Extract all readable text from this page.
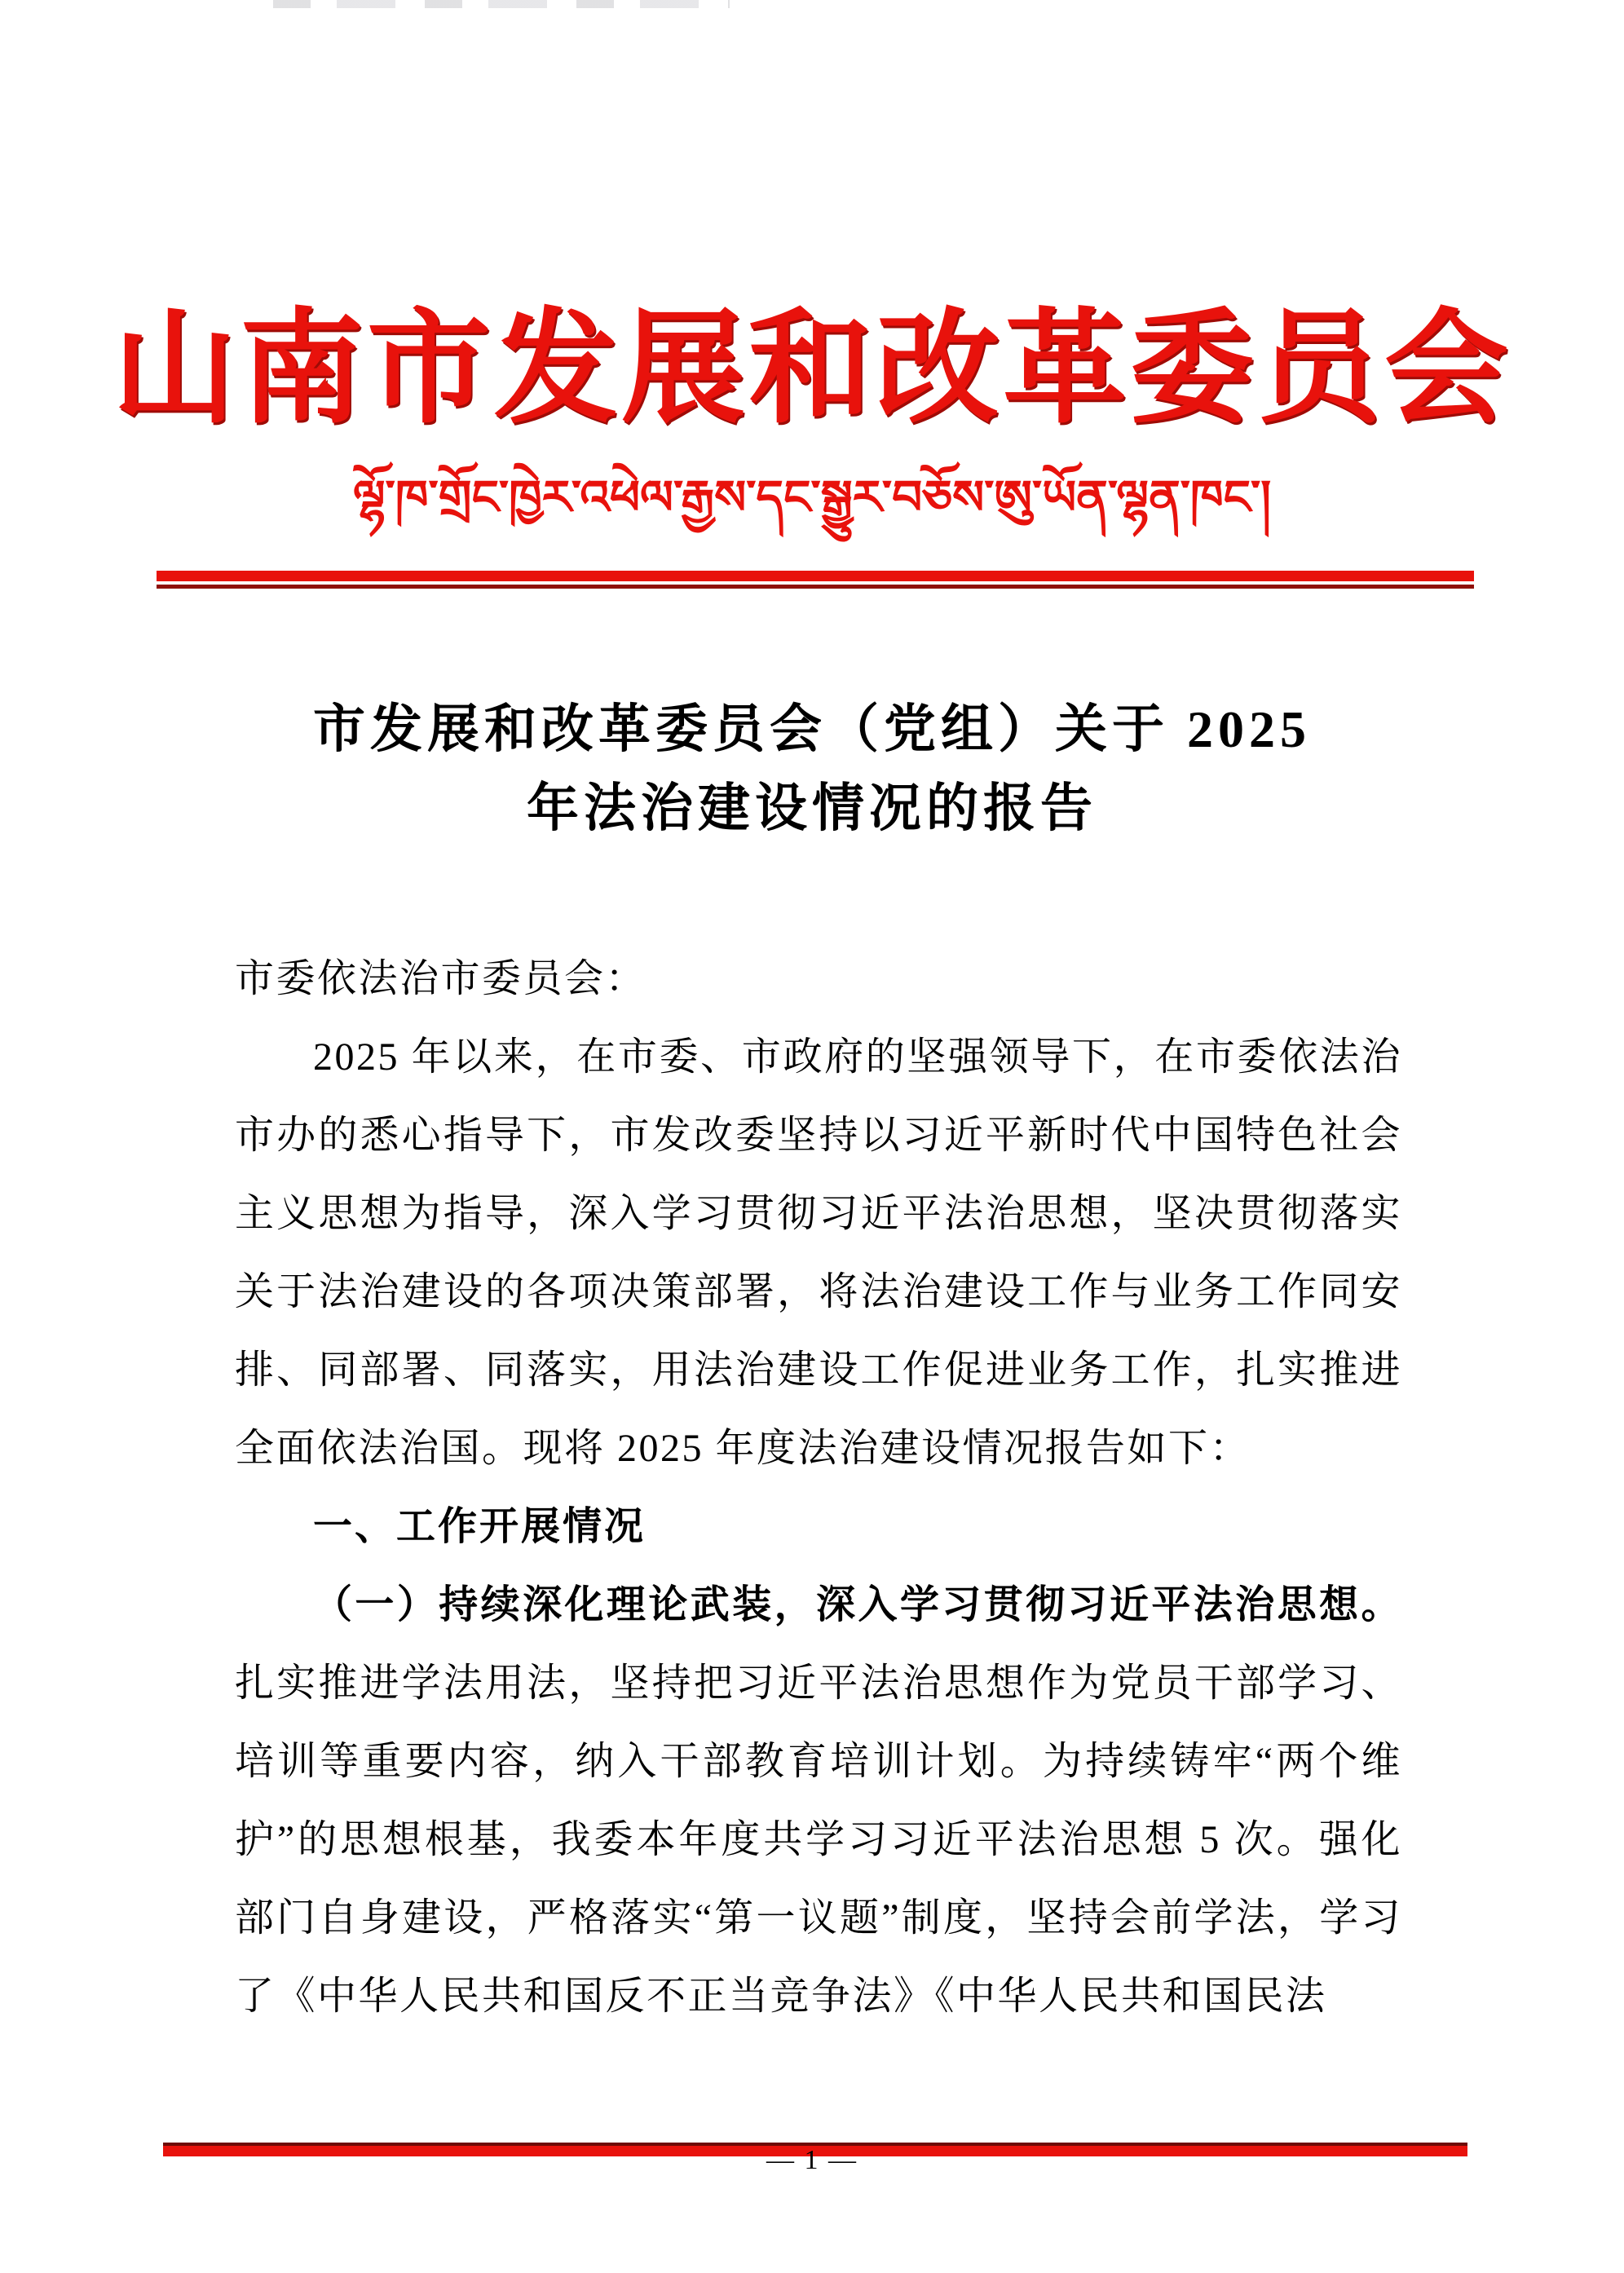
山南市发展和改革委员会
ལྷོ་ཁ་གྲོང་ཁྱེར་འཕེལ་རྒྱས་དང་སྒྱུར་བཅོས་ཨུ་ཡོན་ལྷན་ཁང་།
市发展和改革委员会（党组）关于 2025
年法治建设情况的报告

市委依法治市委员会：

2025 年以来，在市委、市政府的坚强领导下，在市委依法治市办的悉心指导下，市发改委坚持以习近平新时代中国特色社会主义思想为指导，深入学习贯彻习近平法治思想，坚决贯彻落实关于法治建设的各项决策部署，将法治建设工作与业务工作同安排、同部署、同落实，用法治建设工作促进业务工作，扎实推进全面依法治国。现将 2025 年度法治建设情况报告如下：

一、工作开展情况

（一）持续深化理论武装，深入学习贯彻习近平法治思想。扎实推进学法用法，坚持把习近平法治思想作为党员干部学习、培训等重要内容，纳入干部教育培训计划。为持续铸牢“两个维护”的思想根基，我委本年度共学习习近平法治思想 5 次。强化部门自身建设，严格落实“第一议题”制度，坚持会前学法，学习了《中华人民共和国反不正当竞争法》《中华人民共和国民法

— 1 —
